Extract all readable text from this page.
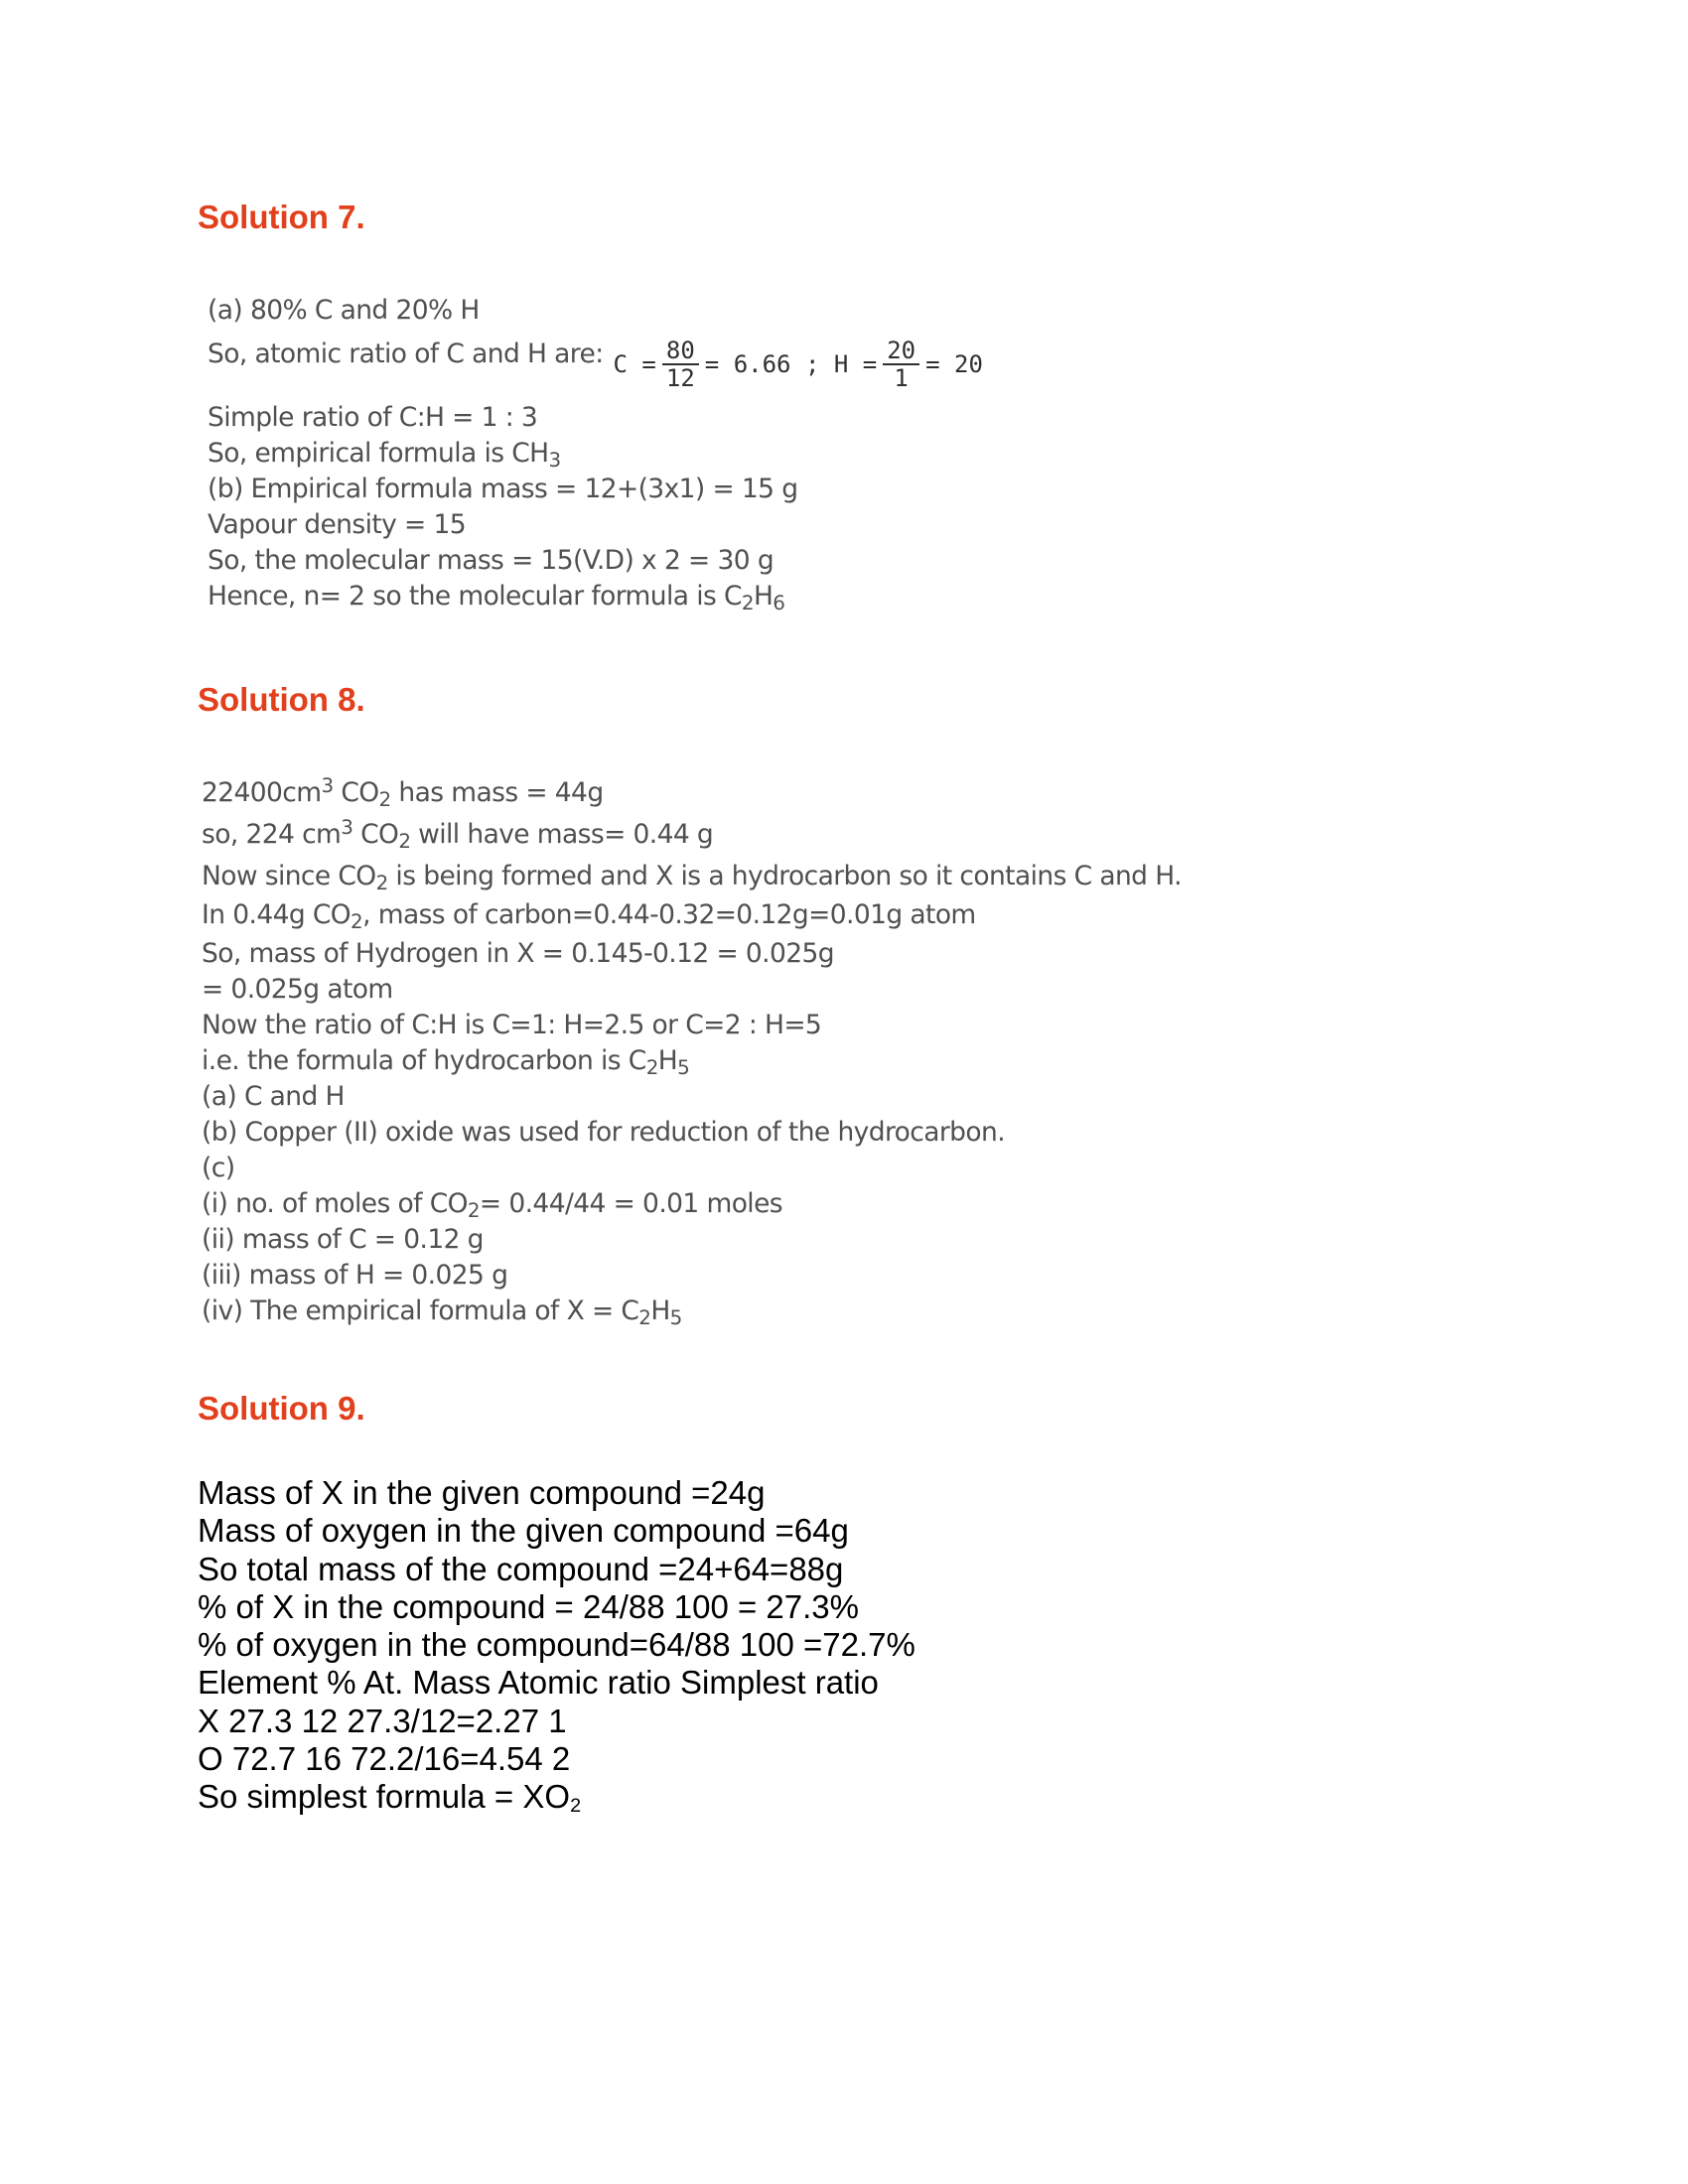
Solution 7.
(a) 80% C and 20% H
So, atomic ratio of C and H are: $C = \frac{80}{12} = 6.66$ ; $H = \frac{20}{1} = 20$
Simple ratio of C:H = 1 : 3
So, empirical formula is $CH_3$
(b) Empirical formula mass = 12+(3x1) = 15 g
Vapour density = 15
So, the molecular mass = 15(V.D) x 2 = 30 g
Hence, n= 2 so the molecular formula is $C_2H_6$
Solution 8.
$22400cm^3$ $CO_2$ has mass = 44g
so, 224 $cm^3$ $CO_2$ will have mass= 0.44 g
Now since $CO_2$ is being formed and X is a hydrocarbon so it contains C and H.
In 0.44g $CO_2$, mass of carbon=0.44-0.32=0.12g=0.01g atom
So, mass of Hydrogen in X = 0.145-0.12 = 0.025g
= 0.025g atom
Now the ratio of C:H is C=1: H=2.5 or C=2 : H=5
i.e. the formula of hydrocarbon is $C_2H_5$
(a) C and H
(b) Copper (II) oxide was used for reduction of the hydrocarbon.
(c)
(i) no. of moles of $CO_2= 0.44/44 = 0.01$ moles
(ii) mass of C = 0.12 g
(iii) mass of H = 0.025 g
(iv) The empirical formula of $X = C_2H_5$
Solution 9.
Mass of X in the given compound =24g
Mass of oxygen in the given compound =64g
So total mass of the compound =24+64=88g
% of X in the compound = 24/88 100 = 27.3%
% of oxygen in the compound=64/88 100 =72.7%
Element % At. Mass Atomic ratio Simplest ratio
X 27.3 12 27.3/12=2.27 1
O 72.7 16 72.2/16=4.54 2
So simplest formula = $XO_2$
